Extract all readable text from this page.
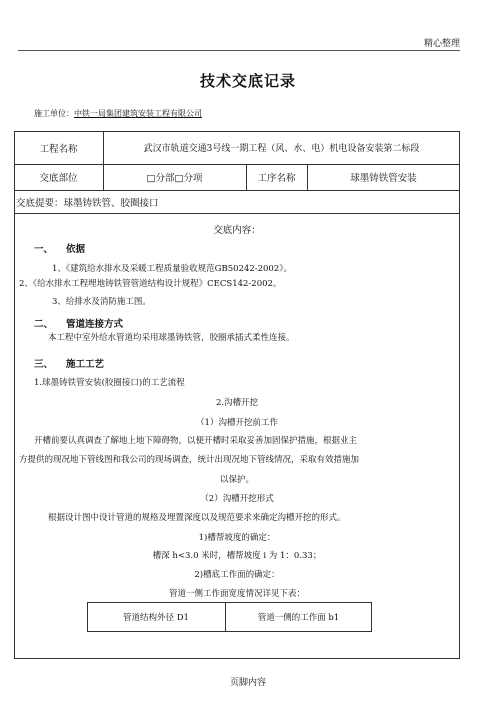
精心整理
技术交底记录
施工单位：中铁一局集团建筑安装工程有限公司
工程名称	武汉市轨道交通3号线一期工程（风、水、电）机电设备安装第二标段
交底部位	□分部 □分项	工序名称	球墨铸铁管安装
交底提要：球墨铸铁管、胶圈接口
交底内容：
一、 依据
1、《建筑给水排水及采暖工程质量验收规范GB50242-2002》。
2、《给水排水工程埋地铸铁管管道结构设计规程》CECS142-2002。
3、给排水及消防施工图。
二、 管道连接方式
本工程中室外给水管道均采用球墨铸铁管，胶圈承插式柔性连接。
三、 施工工艺
1.球墨铸铁管安装(胶圈接口)的工艺流程
2.沟槽开挖
（1）沟槽开挖前工作
开槽前要认真调查了解地上地下障碍物，以便开槽时采取妥善加固保护措施，根据业主
方提供的现况地下管线图和我公司的现场调查，统计出现况地下管线情况，采取有效措施加
以保护。
（2）沟槽开挖形式
根据设计图中设计管道的规格及埋置深度以及规范要求来确定沟槽开挖的形式。
1)槽帮坡度的确定：
槽深 h<3.0 米时，槽帮坡度 i 为 1：0.33；
2)槽底工作面的确定：
管道一侧工作面宽度情况详见下表：
管道结构外径 D1	管道一侧的工作面 b1
页脚内容
